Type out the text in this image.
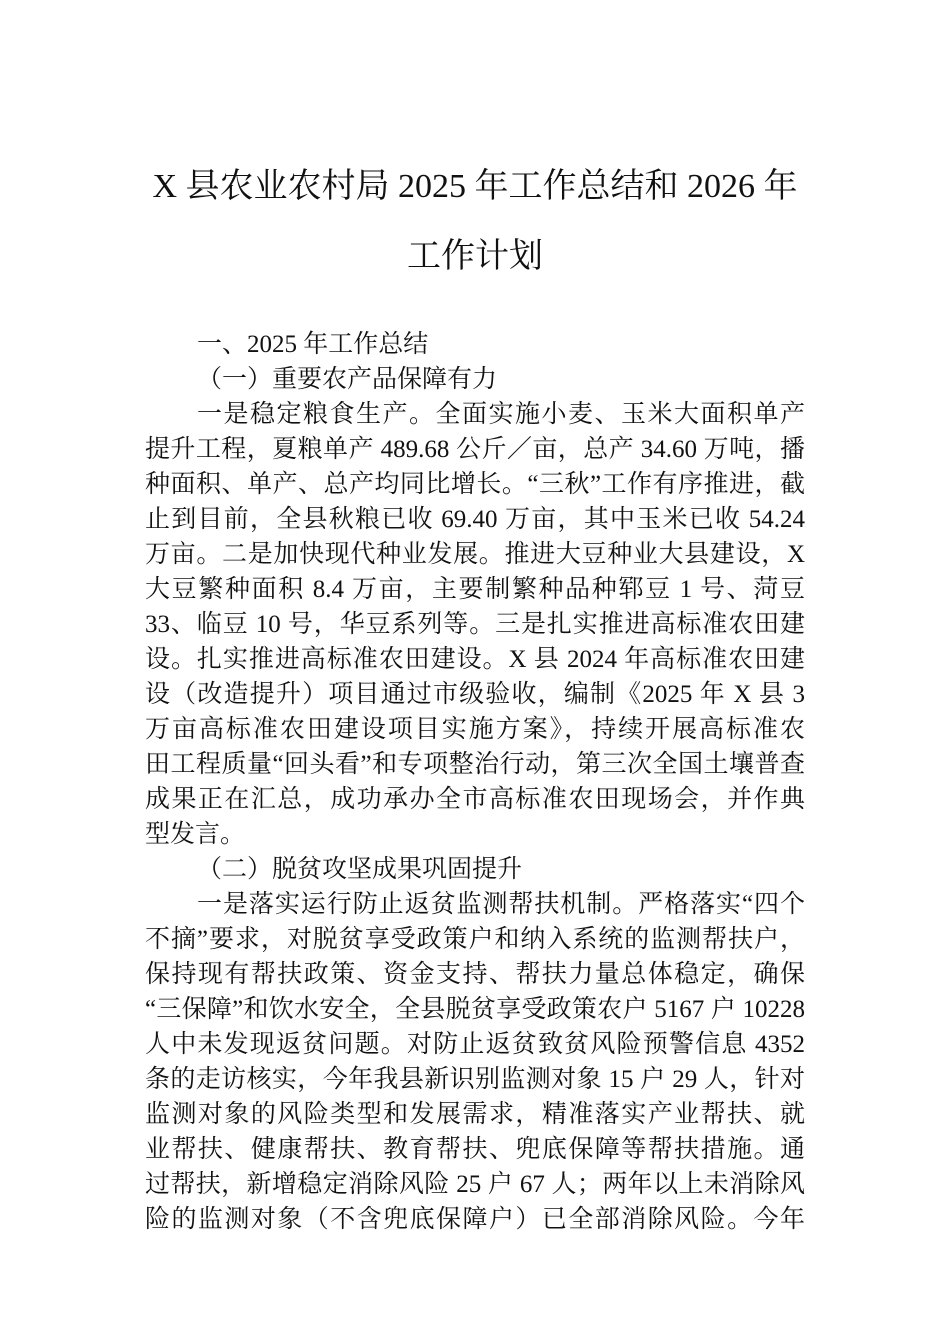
X 县农业农村局 2025 年工作总结和 2026 年
工作计划
一、2025 年工作总结
（一）重要农产品保障有力
一是稳定粮食生产。全面实施小麦、玉米大面积单产
提升工程，夏粮单产 489.68 公斤／亩，总产 34.60 万吨，播
种面积、单产、总产均同比增长。“三秋”工作有序推进，截
止到目前，全县秋粮已收 69.40 万亩，其中玉米已收 54.24
万亩。二是加快现代种业发展。推进大豆种业大县建设，X
大豆繁种面积 8.4 万亩，主要制繁种品种郓豆 1 号、菏豆
33、临豆 10 号，华豆系列等。三是扎实推进高标准农田建
设。扎实推进高标准农田建设。X 县 2024 年高标准农田建
设（改造提升）项目通过市级验收，编制《2025 年 X 县 3
万亩高标准农田建设项目实施方案》，持续开展高标准农
田工程质量“回头看”和专项整治行动，第三次全国土壤普查
成果正在汇总，成功承办全市高标准农田现场会，并作典
型发言。
（二）脱贫攻坚成果巩固提升
一是落实运行防止返贫监测帮扶机制。严格落实“四个
不摘”要求，对脱贫享受政策户和纳入系统的监测帮扶户，
保持现有帮扶政策、资金支持、帮扶力量总体稳定，确保
“三保障”和饮水安全，全县脱贫享受政策农户 5167 户 10228
人中未发现返贫问题。对防止返贫致贫风险预警信息 4352
条的走访核实，今年我县新识别监测对象 15 户 29 人，针对
监测对象的风险类型和发展需求，精准落实产业帮扶、就
业帮扶、健康帮扶、教育帮扶、兜底保障等帮扶措施。通
过帮扶，新增稳定消除风险 25 户 67 人；两年以上未消除风
险的监测对象（不含兜底保障户）已全部消除风险。今年
